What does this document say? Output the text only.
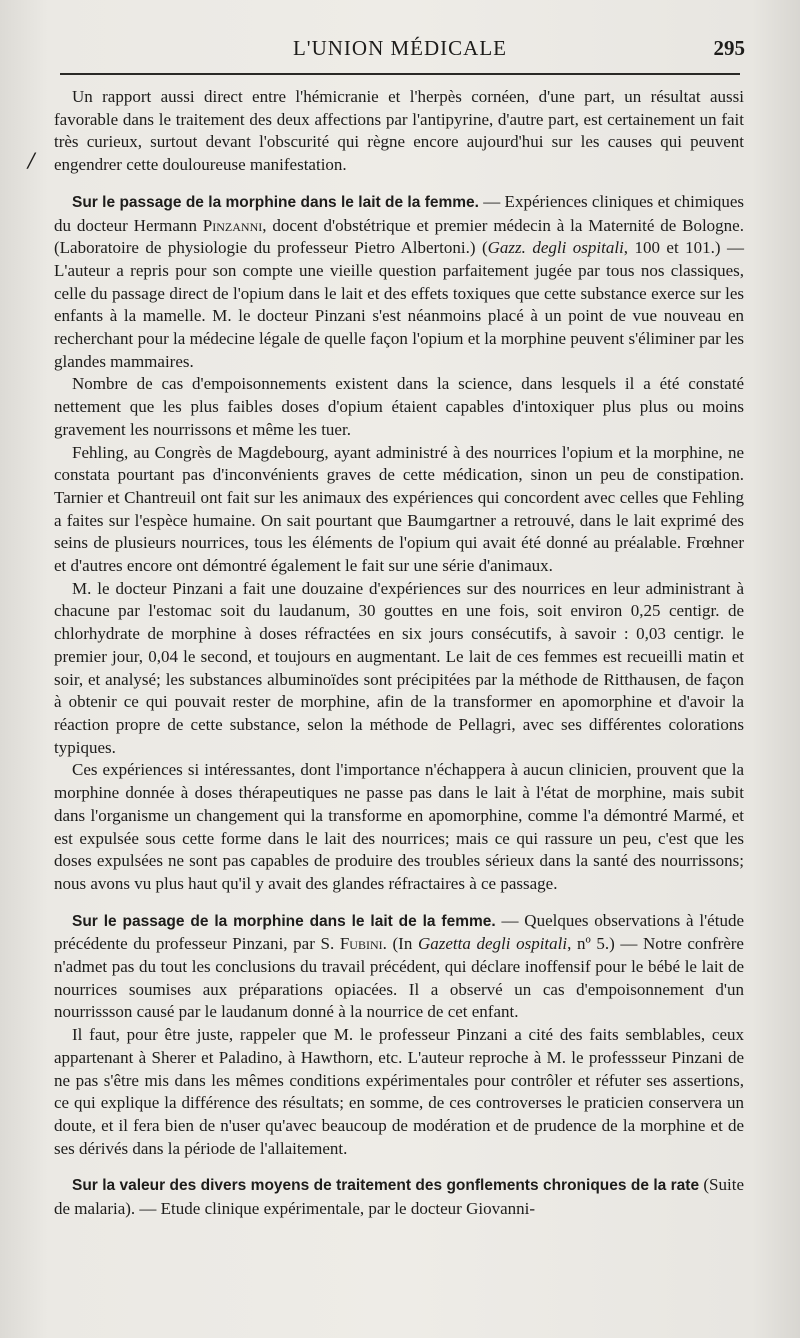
L'UNION MÉDICALE	295
/

Un rapport aussi direct entre l'hémicranie et l'herpès cornéen, d'une part, un résultat aussi favorable dans le traitement des deux affections par l'antipyrine, d'autre part, est certainement un fait très curieux, surtout devant l'obscurité qui règne encore aujourd'hui sur les causes qui peuvent engendrer cette douloureuse manifestation.

Sur le passage de la morphine dans le lait de la femme. — Expériences cliniques et chimiques du docteur Hermann Pinzanni, docent d'obstétrique et premier médecin à la Maternité de Bologne. (Laboratoire de physiologie du professeur Pietro Albertoni.) (Gazz. degli ospitali, 100 et 101.) — L'auteur a repris pour son compte une vieille question parfaitement jugée par tous nos classiques, celle du passage direct de l'opium dans le lait et des effets toxiques que cette substance exerce sur les enfants à la mamelle. M. le docteur Pinzani s'est néanmoins placé à un point de vue nouveau en recherchant pour la médecine légale de quelle façon l'opium et la morphine peuvent s'éliminer par les glandes mammaires.

Nombre de cas d'empoisonnements existent dans la science, dans lesquels il a été constaté nettement que les plus faibles doses d'opium étaient capables d'intoxiquer plus plus ou moins gravement les nourrissons et même les tuer.

Fehling, au Congrès de Magdebourg, ayant administré à des nourrices l'opium et la morphine, ne constata pourtant pas d'inconvénients graves de cette médication, sinon un peu de constipation. Tarnier et Chantreuil ont fait sur les animaux des expériences qui concordent avec celles que Fehling a faites sur l'espèce humaine. On sait pourtant que Baumgartner a retrouvé, dans le lait exprimé des seins de plusieurs nourrices, tous les éléments de l'opium qui avait été donné au préalable. Frœhner et d'autres encore ont démontré également le fait sur une série d'animaux.

M. le docteur Pinzani a fait une douzaine d'expériences sur des nourrices en leur administrant à chacune par l'estomac soit du laudanum, 30 gouttes en une fois, soit environ 0,25 centigr. de chlorhydrate de morphine à doses réfractées en six jours consécutifs, à savoir : 0,03 centigr. le premier jour, 0,04 le second, et toujours en augmentant. Le lait de ces femmes est recueilli matin et soir, et analysé; les substances albuminoïdes sont précipitées par la méthode de Ritthausen, de façon à obtenir ce qui pouvait rester de morphine, afin de la transformer en apomorphine et d'avoir la réaction propre de cette substance, selon la méthode de Pellagri, avec ses différentes colorations typiques.

Ces expériences si intéressantes, dont l'importance n'échappera à aucun clinicien, prouvent que la morphine donnée à doses thérapeutiques ne passe pas dans le lait à l'état de morphine, mais subit dans l'organisme un changement qui la transforme en apomorphine, comme l'a démontré Marmé, et est expulsée sous cette forme dans le lait des nourrices; mais ce qui rassure un peu, c'est que les doses expulsées ne sont pas capables de produire des troubles sérieux dans la santé des nourrissons; nous avons vu plus haut qu'il y avait des glandes réfractaires à ce passage.

Sur le passage de la morphine dans le lait de la femme. — Quelques observations à l'étude précédente du professeur Pinzani, par S. Fubini. (In Gazetta degli ospitali, nº 5.) — Notre confrère n'admet pas du tout les conclusions du travail précédent, qui déclare inoffensif pour le bébé le lait de nourrices soumises aux préparations opiacées. Il a observé un cas d'empoisonnement d'un nourrissson causé par le laudanum donné à la nourrice de cet enfant.

Il faut, pour être juste, rappeler que M. le professeur Pinzani a cité des faits semblables, ceux appartenant à Sherer et Paladino, à Hawthorn, etc. L'auteur reproche à M. le professseur Pinzani de ne pas s'être mis dans les mêmes conditions expérimentales pour contrôler et réfuter ses assertions, ce qui explique la différence des résultats; en somme, de ces controverses le praticien conservera un doute, et il fera bien de n'user qu'avec beaucoup de modération et de prudence de la morphine et de ses dérivés dans la période de l'allaitement.

Sur la valeur des divers moyens de traitement des gonflements chroniques de la rate (Suite de malaria). — Etude clinique expérimentale, par le docteur Giovanni-
